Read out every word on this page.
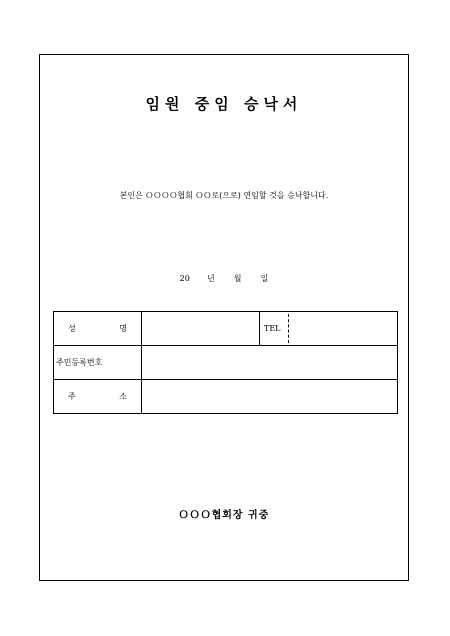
임원 중임 승낙서
본인은 ＯＯＯＯ협회 ＯＯ로(으로) 연임할 것을 승낙합니다.
20 년 월 일
성 명		TEL

주민등록번호		

주 소		

ＯＯＯ협회장 귀중
